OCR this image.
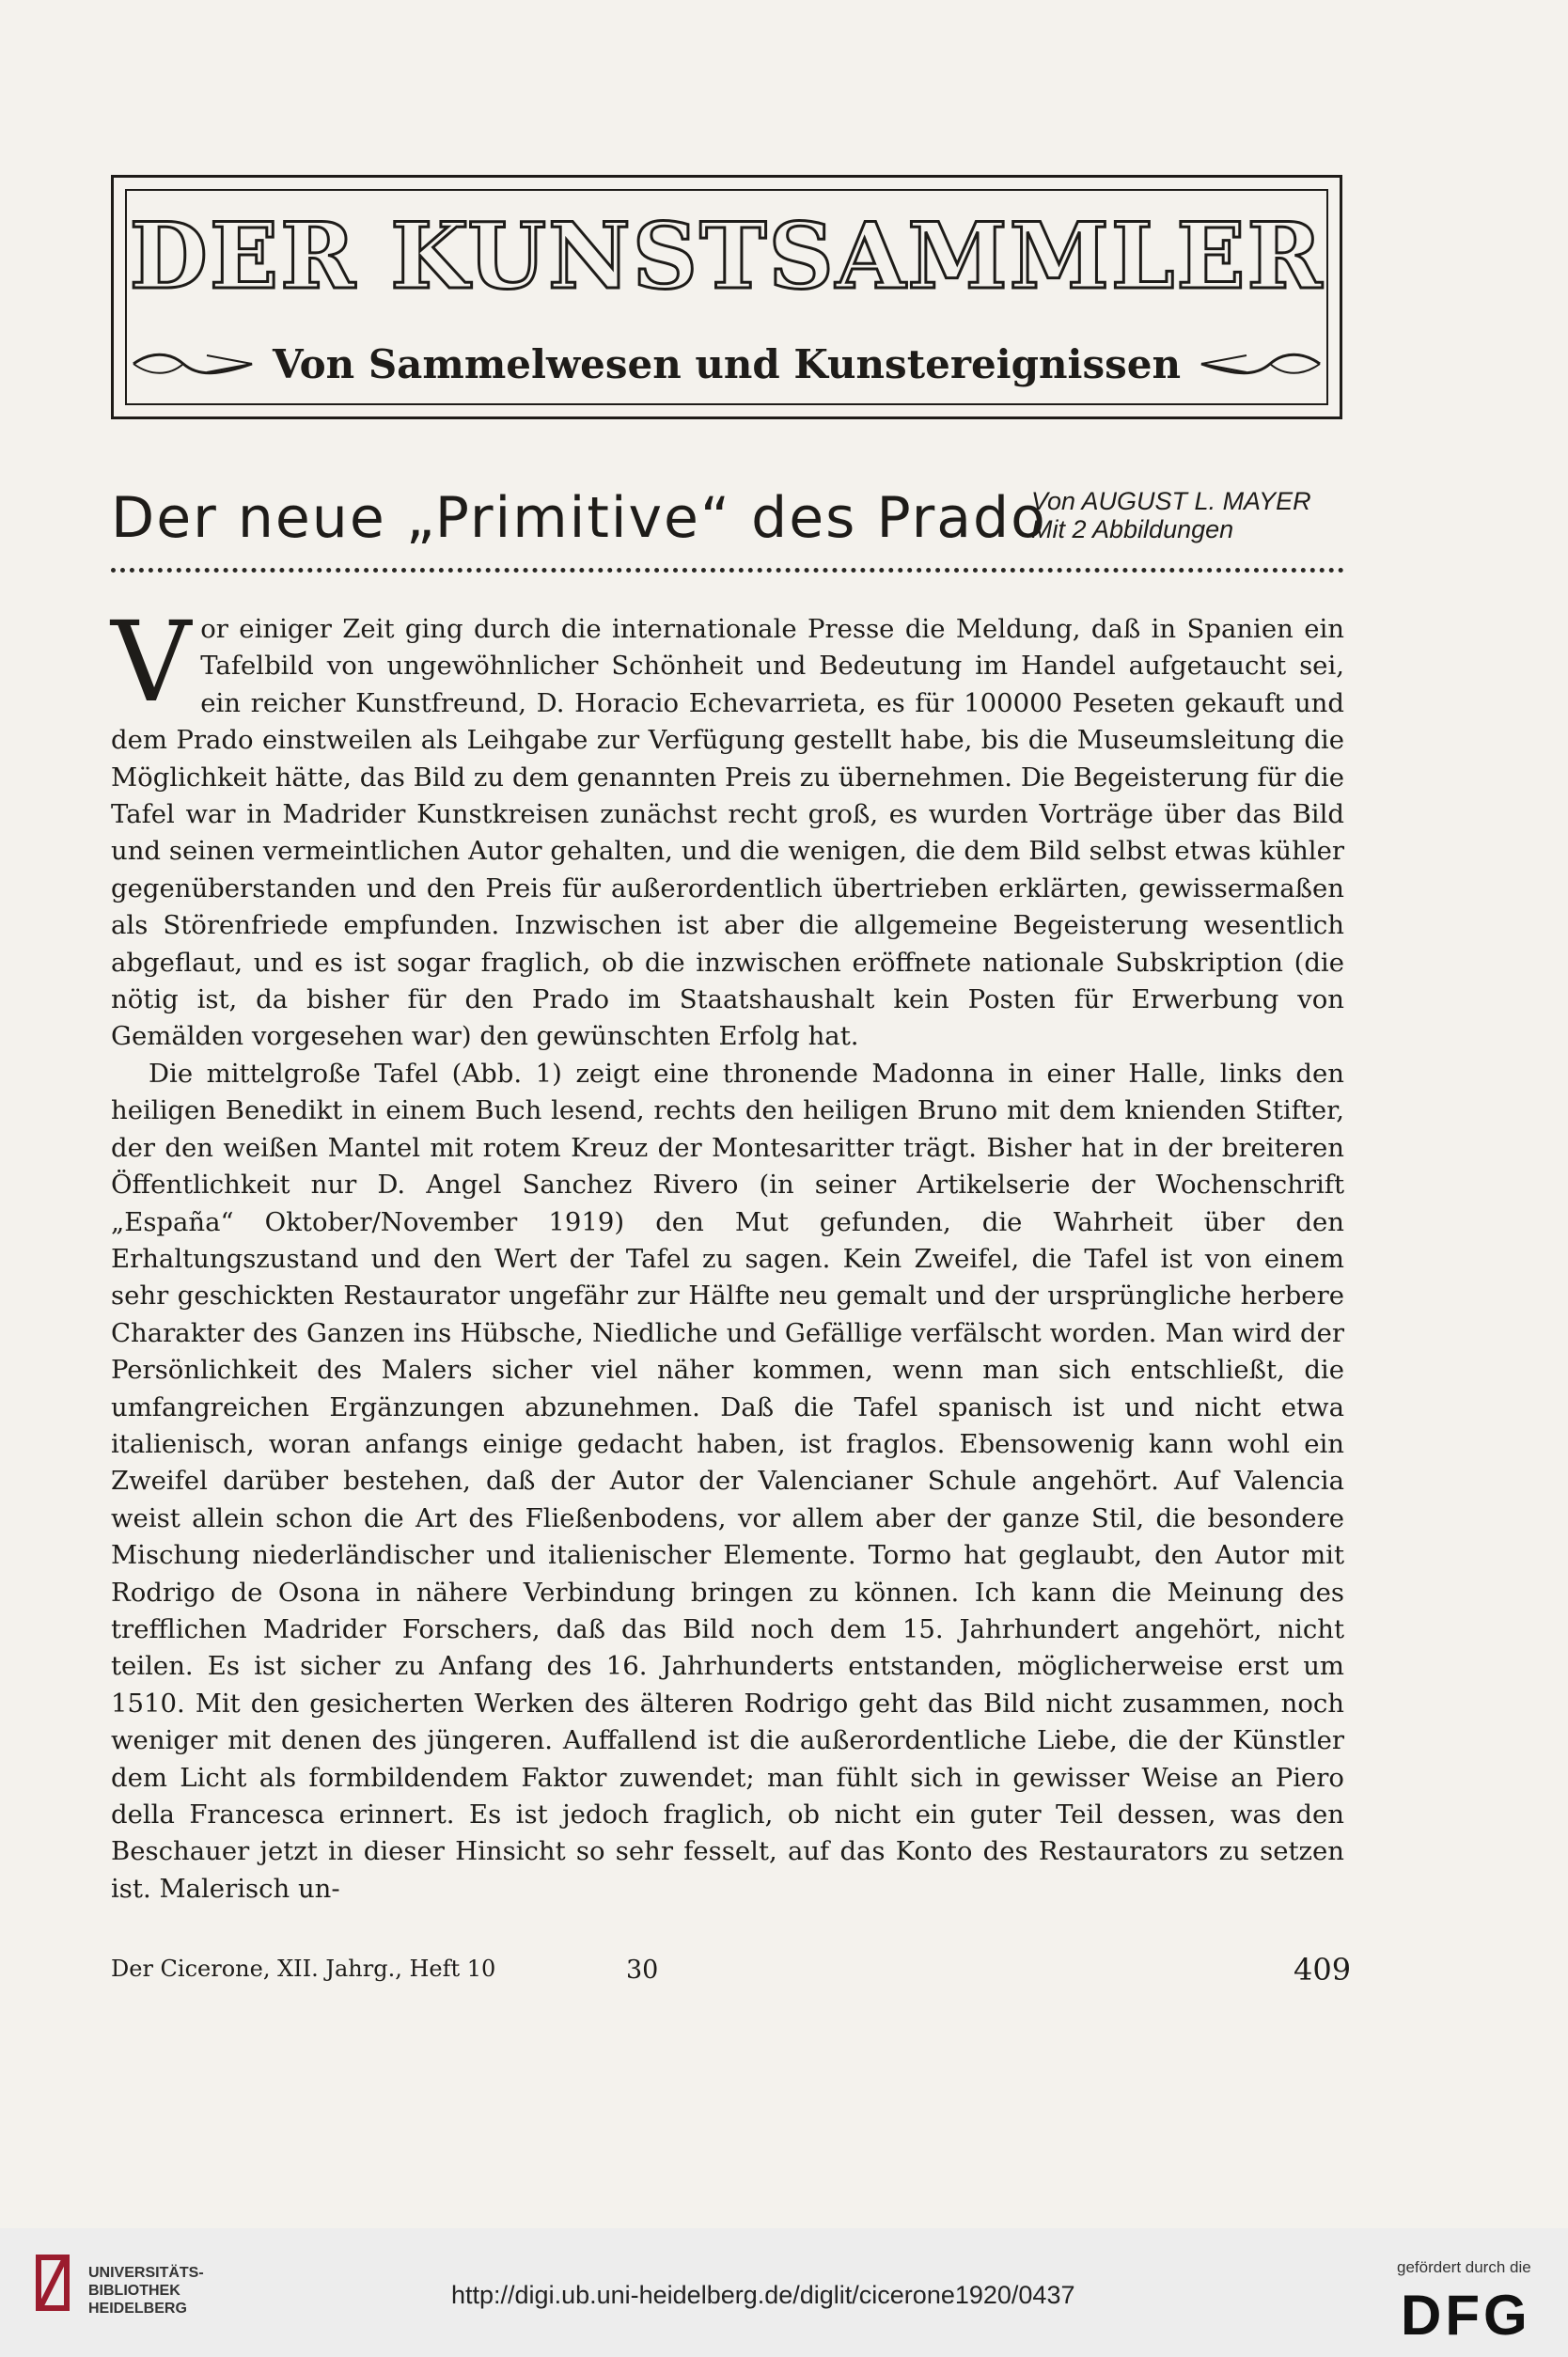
DER KUNSTSAMMLER
Von Sammelwesen und Kunstereignissen
Der neue „Primitive“ des Prado
Von AUGUST L. MAYER
Mit 2 Abbildungen

Vor einiger Zeit ging durch die internationale Presse die Meldung, daß in Spanien ein Tafelbild von ungewöhnlicher Schönheit und Bedeutung im Handel aufgetaucht sei, ein reicher Kunstfreund, D. Horacio Echevarrieta, es für 100000 Peseten gekauft und dem Prado einstweilen als Leihgabe zur Verfügung gestellt habe, bis die Museumsleitung die Möglichkeit hätte, das Bild zu dem genannten Preis zu übernehmen. Die Begeisterung für die Tafel war in Madrider Kunstkreisen zunächst recht groß, es wurden Vorträge über das Bild und seinen vermeintlichen Autor gehalten, und die wenigen, die dem Bild selbst etwas kühler gegenüberstanden und den Preis für außerordentlich übertrieben erklärten, gewissermaßen als Störenfriede empfunden. Inzwischen ist aber die allgemeine Begeisterung wesentlich abgeflaut, und es ist sogar fraglich, ob die inzwischen eröffnete nationale Subskription (die nötig ist, da bisher für den Prado im Staatshaushalt kein Posten für Erwerbung von Gemälden vorgesehen war) den gewünschten Erfolg hat.

Die mittelgroße Tafel (Abb. 1) zeigt eine thronende Madonna in einer Halle, links den heiligen Benedikt in einem Buch lesend, rechts den heiligen Bruno mit dem knienden Stifter, der den weißen Mantel mit rotem Kreuz der Montesaritter trägt. Bisher hat in der breiteren Öffentlichkeit nur D. Angel Sanchez Rivero (in seiner Artikelserie der Wochenschrift „España“ Oktober/November 1919) den Mut gefunden, die Wahrheit über den Erhaltungszustand und den Wert der Tafel zu sagen. Kein Zweifel, die Tafel ist von einem sehr geschickten Restaurator ungefähr zur Hälfte neu gemalt und der ursprüngliche herbere Charakter des Ganzen ins Hübsche, Niedliche und Gefällige verfälscht worden. Man wird der Persönlichkeit des Malers sicher viel näher kommen, wenn man sich entschließt, die umfangreichen Ergänzungen abzunehmen. Daß die Tafel spanisch ist und nicht etwa italienisch, woran anfangs einige gedacht haben, ist fraglos. Ebensowenig kann wohl ein Zweifel darüber bestehen, daß der Autor der Valencianer Schule angehört. Auf Valencia weist allein schon die Art des Fließenbodens, vor allem aber der ganze Stil, die besondere Mischung niederländischer und italienischer Elemente. Tormo hat geglaubt, den Autor mit Rodrigo de Osona in nähere Verbindung bringen zu können. Ich kann die Meinung des trefflichen Madrider Forschers, daß das Bild noch dem 15. Jahrhundert angehört, nicht teilen. Es ist sicher zu Anfang des 16. Jahrhunderts entstanden, möglicherweise erst um 1510. Mit den gesicherten Werken des älteren Rodrigo geht das Bild nicht zusammen, noch weniger mit denen des jüngeren. Auffallend ist die außerordentliche Liebe, die der Künstler dem Licht als formbildendem Faktor zuwendet; man fühlt sich in gewisser Weise an Piero della Francesca erinnert. Es ist jedoch fraglich, ob nicht ein guter Teil dessen, was den Beschauer jetzt in dieser Hinsicht so sehr fesselt, auf das Konto des Restaurators zu setzen ist. Malerisch un-

Der Cicerone, XII. Jahrg., Heft 10	30	409
UNIVERSITÄTS-
BIBLIOTHEK
HEIDELBERG	http://digi.ub.uni-heidelberg.de/diglit/cicerone1920/0437
gefördert durch die
DFG
